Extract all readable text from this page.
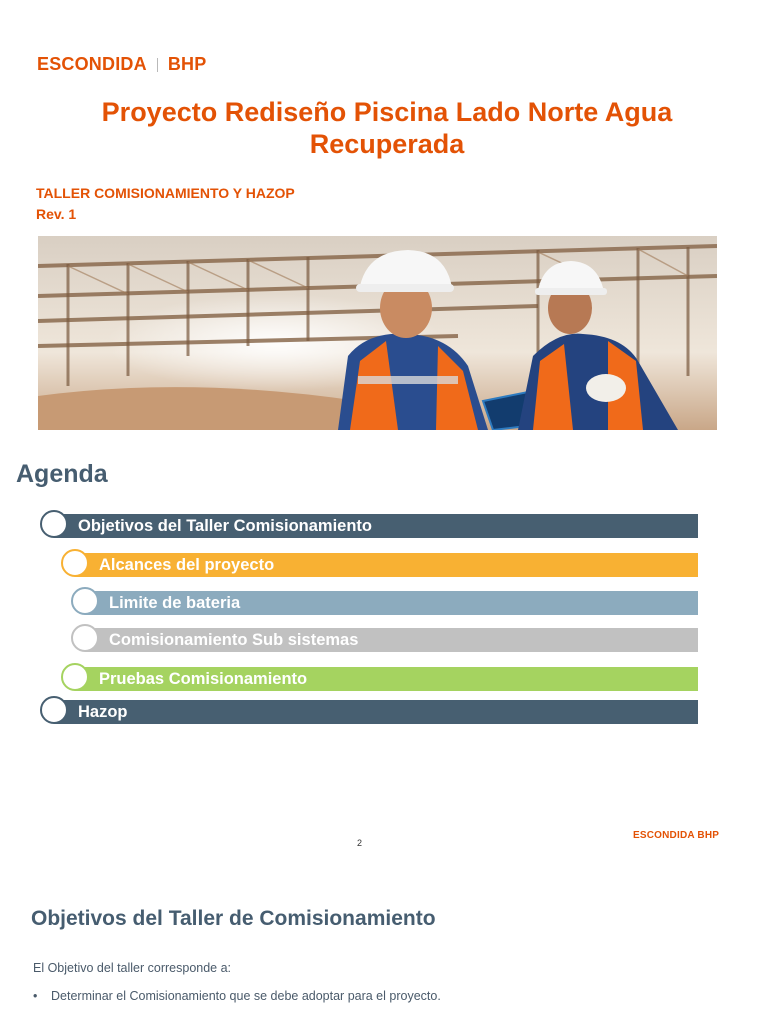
ESCONDIDA BHP
Proyecto Rediseño Piscina Lado Norte Agua Recuperada
TALLER COMISIONAMIENTO Y HAZOP
Rev. 1
Agenda
Objetivos del Taller Comisionamiento
Alcances del proyecto
Limite de bateria
Comisionamiento Sub sistemas
Pruebas Comisionamiento
Hazop
2
ESCONDIDA BHP
Objetivos del Taller de Comisionamiento
El Objetivo del taller corresponde a:
•	Determinar el Comisionamiento que se debe adoptar para el proyecto.
